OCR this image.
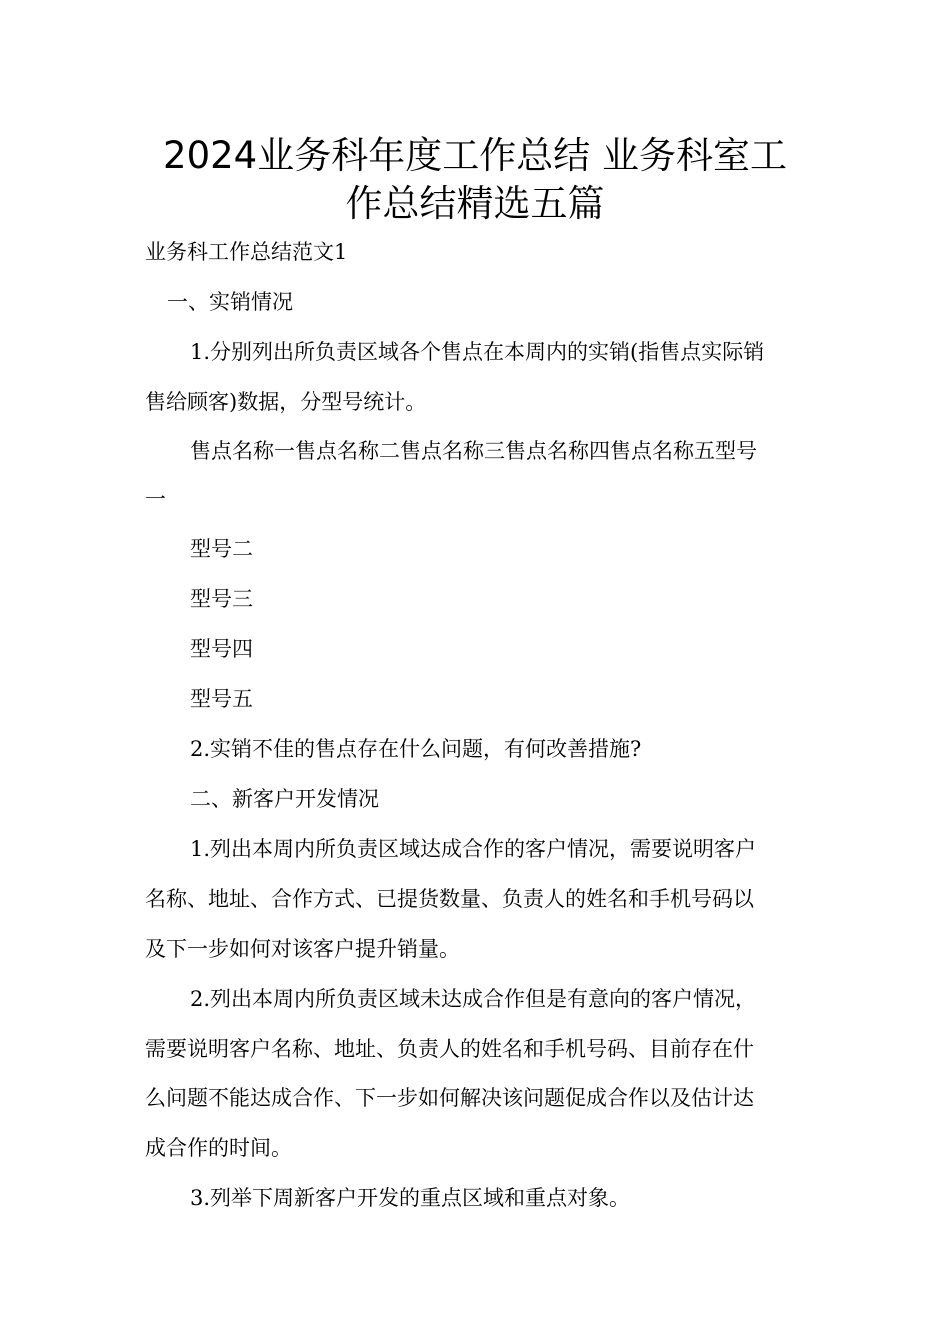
2024业务科年度工作总结 业务科室工
作总结精选五篇
业务科工作总结范文1
一、实销情况
1.分别列出所负责区域各个售点在本周内的实销(指售点实际销
售给顾客)数据，分型号统计。
售点名称一售点名称二售点名称三售点名称四售点名称五型号
一
型号二
型号三
型号四
型号五
2.实销不佳的售点存在什么问题，有何改善措施?
二、新客户开发情况
1.列出本周内所负责区域达成合作的客户情况，需要说明客户
名称、地址、合作方式、已提货数量、负责人的姓名和手机号码以
及下一步如何对该客户提升销量。
2.列出本周内所负责区域未达成合作但是有意向的客户情况，
需要说明客户名称、地址、负责人的姓名和手机号码、目前存在什
么问题不能达成合作、下一步如何解决该问题促成合作以及估计达
成合作的时间。
3.列举下周新客户开发的重点区域和重点对象。
